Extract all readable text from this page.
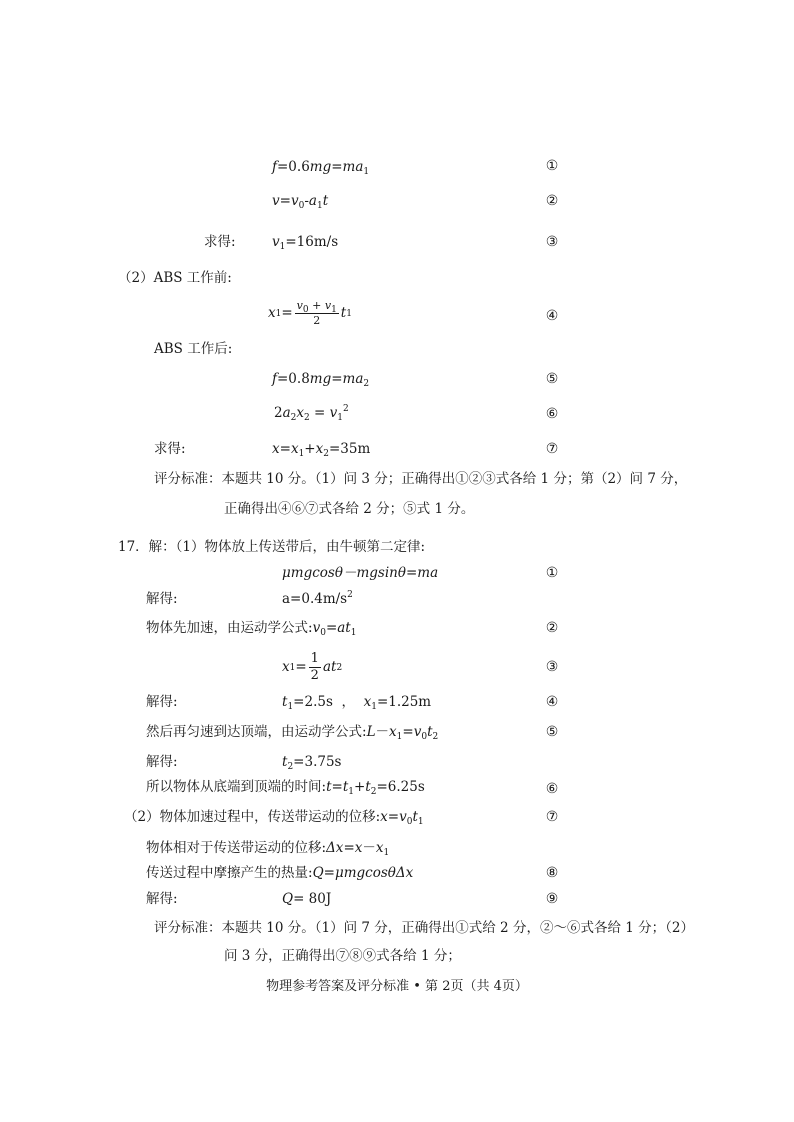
$f=0.6mg=ma_1$	①
$v=v_0-a_1t$	②
求得:	$v_1=16m/s$	③
（2）ABS 工作前:
x $1 = \frac{v_0 + v_1}{2}$ t 1	④
ABS 工作后:
$f=0.8mg=ma_2$	⑤
$2a_2x_2 = v_1^2$	⑥
求得:	$x=x_1+x_2=35m$	⑦
评分标准：本题共 10 分。（1）问 3 分；正确得出①②③式各给 1 分；第（2）问 7 分，
正确得出④⑥⑦式各给 2 分；⑤式 1 分。
17．解：（1）物体放上传送带后，由牛顿第二定律:
μmgcosθ－mgsinθ=ma	①
解得:	$a=0.4m/s^2$
物体先加速，由运动学公式$:v_0=at_1$	②
x $1 = \frac{1}{2}$ at 2	③
解得:	$t_1=2.5s$ ， $x_1=1.25m$	④
然后再匀速到达顶端，由运动学公式$:L-x_1=v_0t_2$	⑤
解得:	$t_2=3.75s$
所以物体从底端到顶端的时间$:t=t_1+t_2=6.25s$	⑥
（2）物体加速过程中，传送带运动的位移$:x=v_0t_1$	⑦
物体相对于传送带运动的位移$:\Delta x=x-x_1$
传送过程中摩擦产生的热量:Q=μmgcosθΔx	⑧
解得:	Q= 80J	⑨
评分标准：本题共 10 分。（1）问 7 分，正确得出①式给 2 分，②～⑥式各给 1 分；（2）
问 3 分，正确得出⑦⑧⑨式各给 1 分；
物理参考答案及评分标准 • 第 2页（共 4页）
